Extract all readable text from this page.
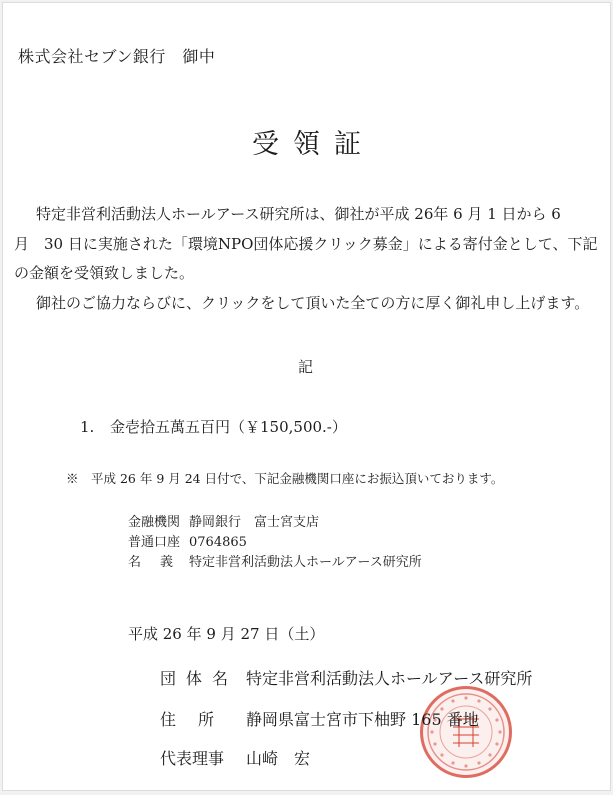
株式会社セブン銀行　御中
受領証
特定非営利活動法人ホールアース研究所は、御社が平成 26年 6 月 1 日から 6
月　30 日に実施された「環境NPO団体応援クリック募金」による寄付金として、下記
の金額を受領致しました。
御社のご協力ならびに、クリックをして頂いた全ての方に厚く御礼申し上げます。
記
1. 金壱拾五萬五百円（￥150,500.-）
※　平成 26 年 9 月 24 日付で、下記金融機関口座にお振込頂いております。
金融機関 静岡銀行　富士宮支店
普通口座 0764865
名義特定非営利活動法人ホールアース研究所
平成 26 年 9 月 27 日（土）
団体名 特定非営利活動法人ホールアース研究所
住所 静岡県富士宮市下柚野 165 番地
代表理事 山崎　宏
